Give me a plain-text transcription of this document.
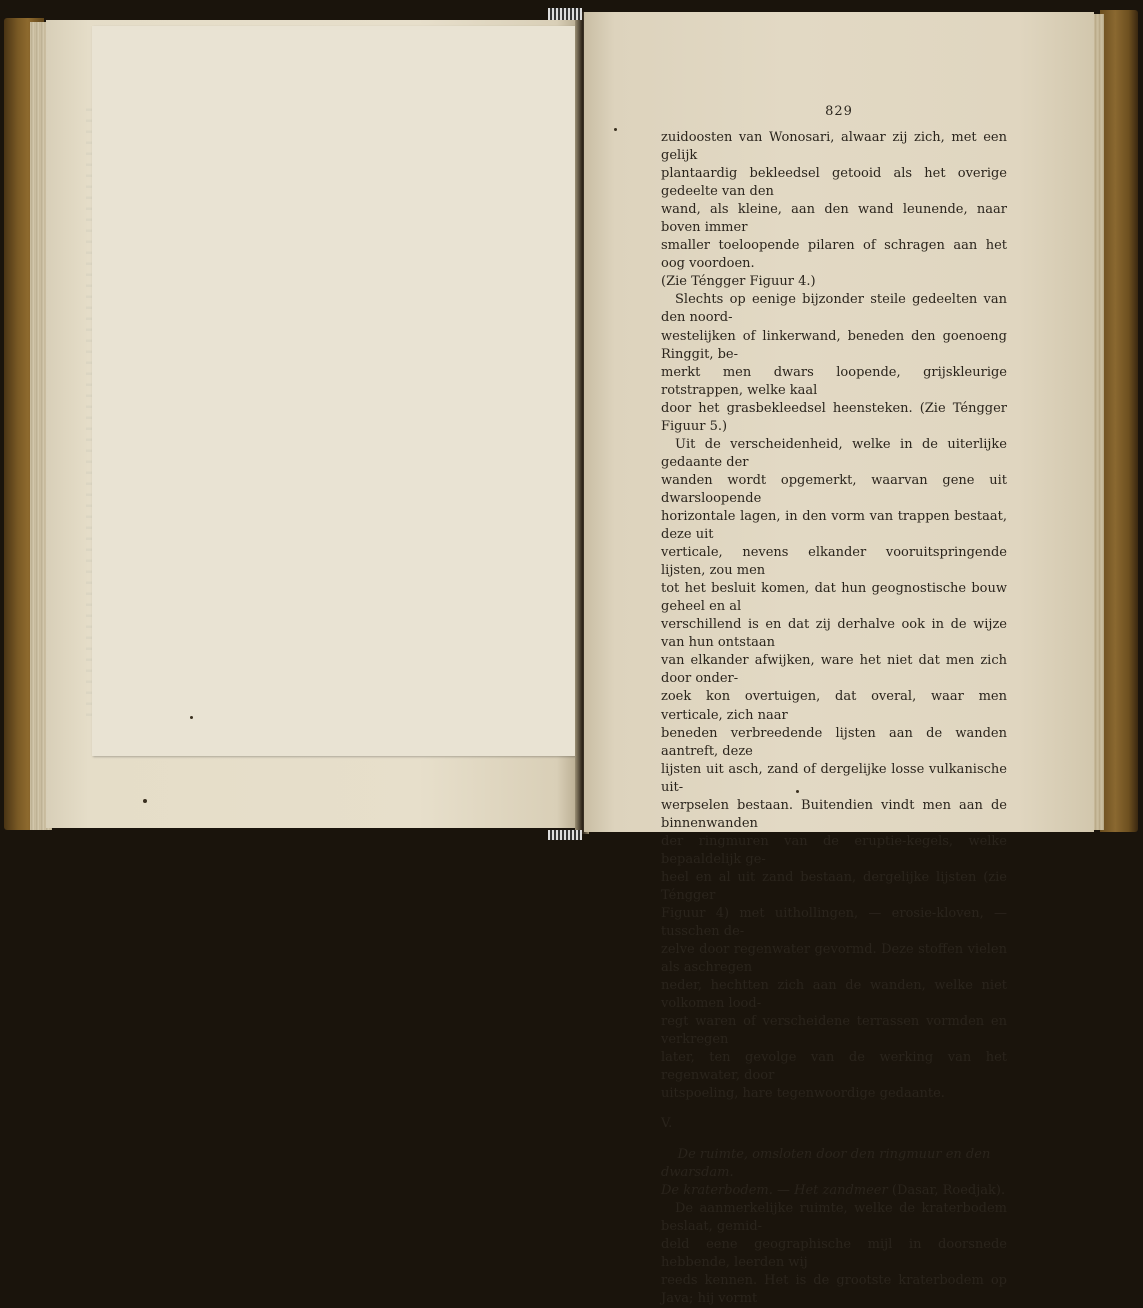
829

zuidoosten van Wonosari, alwaar zij zich, met een gelijk
plantaardig bekleedsel getooid als het overige gedeelte van den
wand, als kleine, aan den wand leunende, naar boven immer
smaller toeloopende pilaren of schragen aan het oog voordoen.
(Zie Téngger Figuur 4.)

Slechts op eenige bijzonder steile gedeelten van den noord-
westelijken of linkerwand, beneden den goenoeng Ringgit, be-
merkt men dwars loopende, grijskleurige rotstrappen, welke kaal
door het grasbekleedsel heensteken. (Zie Téngger Figuur 5.)

Uit de verscheidenheid, welke in de uiterlijke gedaante der
wanden wordt opgemerkt, waarvan gene uit dwarsloopende
horizontale lagen, in den vorm van trappen bestaat, deze uit
verticale, nevens elkander vooruitspringende lijsten, zou men
tot het besluit komen, dat hun geognostische bouw geheel en al
verschillend is en dat zij derhalve ook in de wijze van hun ontstaan
van elkander afwijken, ware het niet dat men zich door onder-
zoek kon overtuigen, dat overal, waar men verticale, zich naar
beneden verbreedende lijsten aan de wanden aantreft, deze
lijsten uit asch, zand of dergelijke losse vulkanische uit-
werpselen bestaan. Buitendien vindt men aan de binnenwanden
der ringmuren van de eruptie-kegels, welke bepaaldelijk ge-
heel en al uit zand bestaan, dergelijke lijsten (zie Téngger
Figuur 4) met uithollingen, — erosie-kloven, — tusschen de-
zelve door regenwater gevormd. Deze stoffen vielen als aschregen
neder, hechtten zich aan de wanden, welke niet volkomen lood-
regt waren of verscheidene terrassen vormden en verkregen
later, ten gevolge van de werking van het regenwater, door
uitspoeling, hare tegenwoordige gedaante.

V.

De ruimte, omsloten door den ringmuur en den dwarsdam.

De kraterbodem. — Het zandmeer (Dasar, Roedjak).

De aanmerkelijke ruimte, welke de kraterbodem beslaat, gemid-
deld eene geographische mijl in doorsnede hebbende, leerden wij
reeds kennen. Het is de grootste kraterbodem op Java; hij vormt
